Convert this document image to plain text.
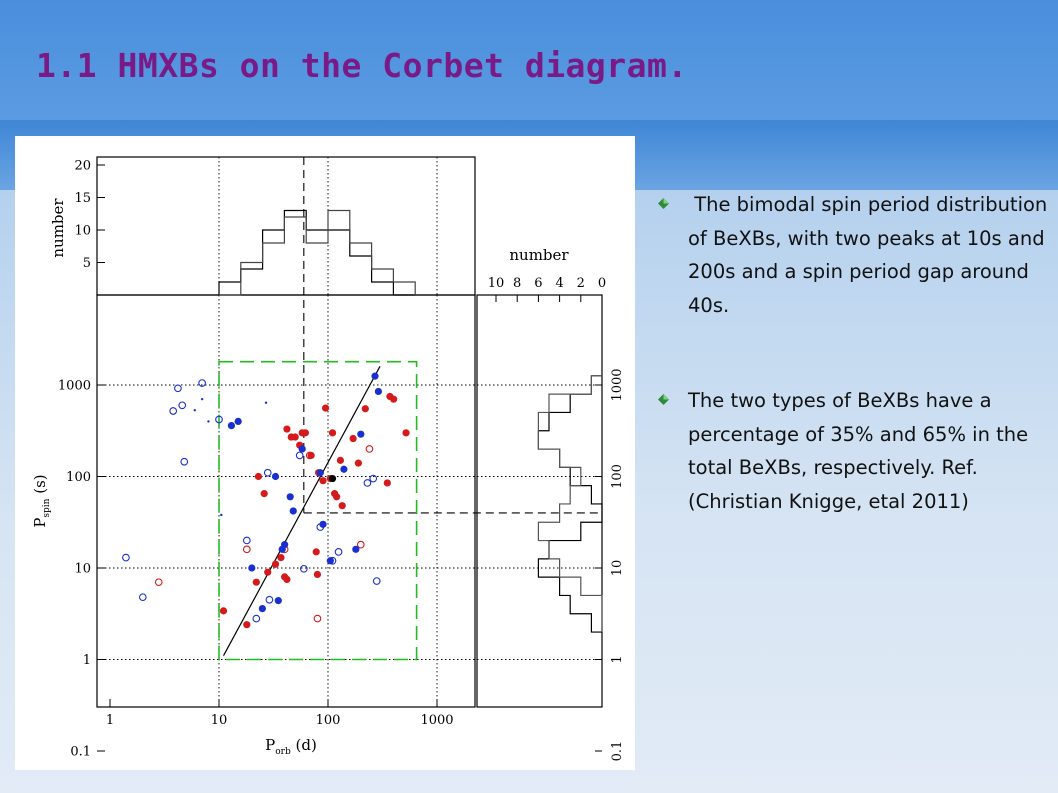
1.1 HMXBs on the Corbet diagram.
1	10	100	1000
0.1
1
10
100
1000
5
10
15
20
10 8 6 4 2 0
0.1
1
10
100
1000
number	number
$P_{orb}$ (d)
$P_{spin}$ (s)

The bimodal spin period distribution of BeXBs, with two peaks at 10s and 200s and a spin period gap around 40s.

The two types of BeXBs have a percentage of 35% and 65% in the total BeXBs, respectively. Ref. (Christian Knigge, etal 2011)
